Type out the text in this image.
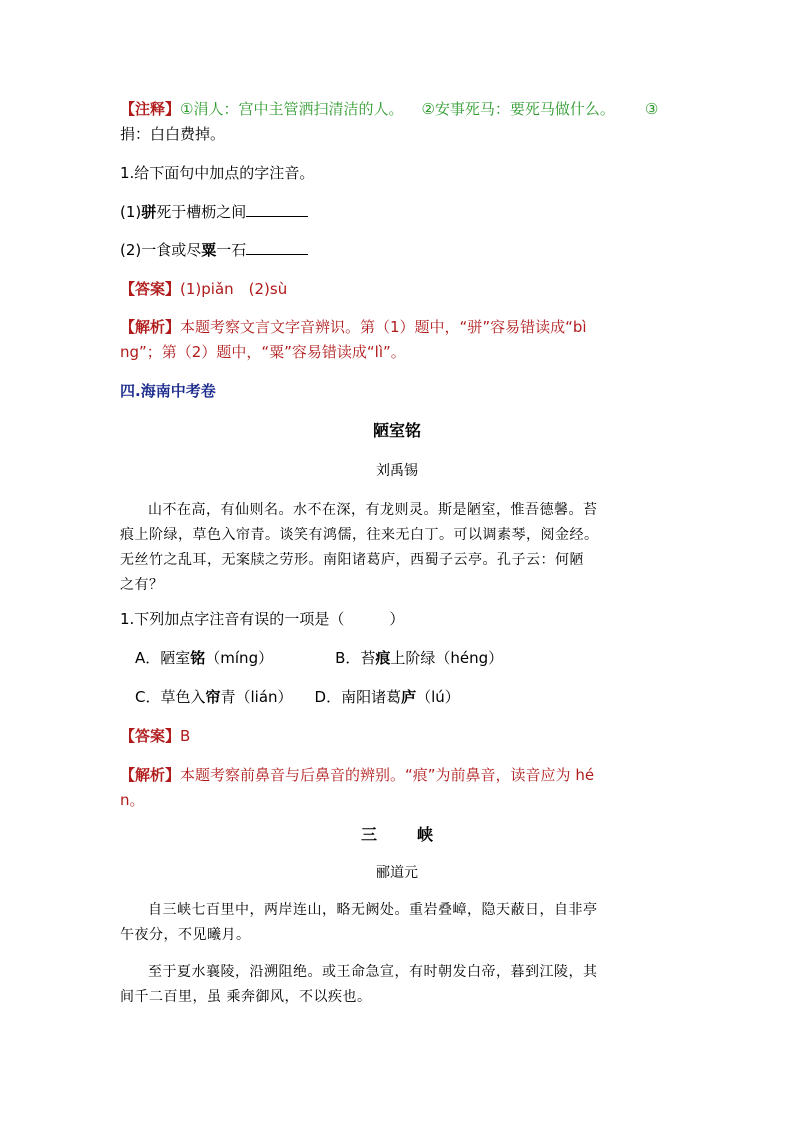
【注释】①涓人：宫中主管洒扫清洁的人。 ②安事死马：要死马做什么。 ③
捐：白白费掉。
1.给下面句中加点的字注音。
(1)骈死于槽枥之间
(2)一食或尽粟一石
【答案】(1)piǎn　(2)sù
【解析】本题考察文言文字音辨识。第（1）题中，“骈”容易错读成“bì
ng”；第（2）题中，“粟”容易错读成“lì”。
四.海南中考卷
陋室铭
刘禹锡
山不在高，有仙则名。水不在深，有龙则灵。斯是陋室，惟吾德馨。苔
痕上阶绿，草色入帘青。谈笑有鸿儒，往来无白丁。可以调素琴，阅金经。
无丝竹之乱耳，无案牍之劳形。南阳诸葛庐，西蜀子云亭。孔子云：何陋
之有？
1.下列加点字注音有误的一项是（　　　）
A．陋室铭（míng）	B．苔痕上阶绿（héng）
C．草色入帘青（lián） D．南阳诸葛庐（lú）
【答案】B
【解析】本题考察前鼻音与后鼻音的辨别。“痕”为前鼻音，读音应为 hé
n。
三	峡
郦道元
自三峡七百里中，两岸连山，略无阙处。重岩叠嶂，隐天蔽日，自非亭
午夜分，不见曦月。
至于夏水襄陵，沿溯阻绝。或王命急宣，有时朝发白帝，暮到江陵，其
间千二百里，虽 乘奔御风，不以疾也。
